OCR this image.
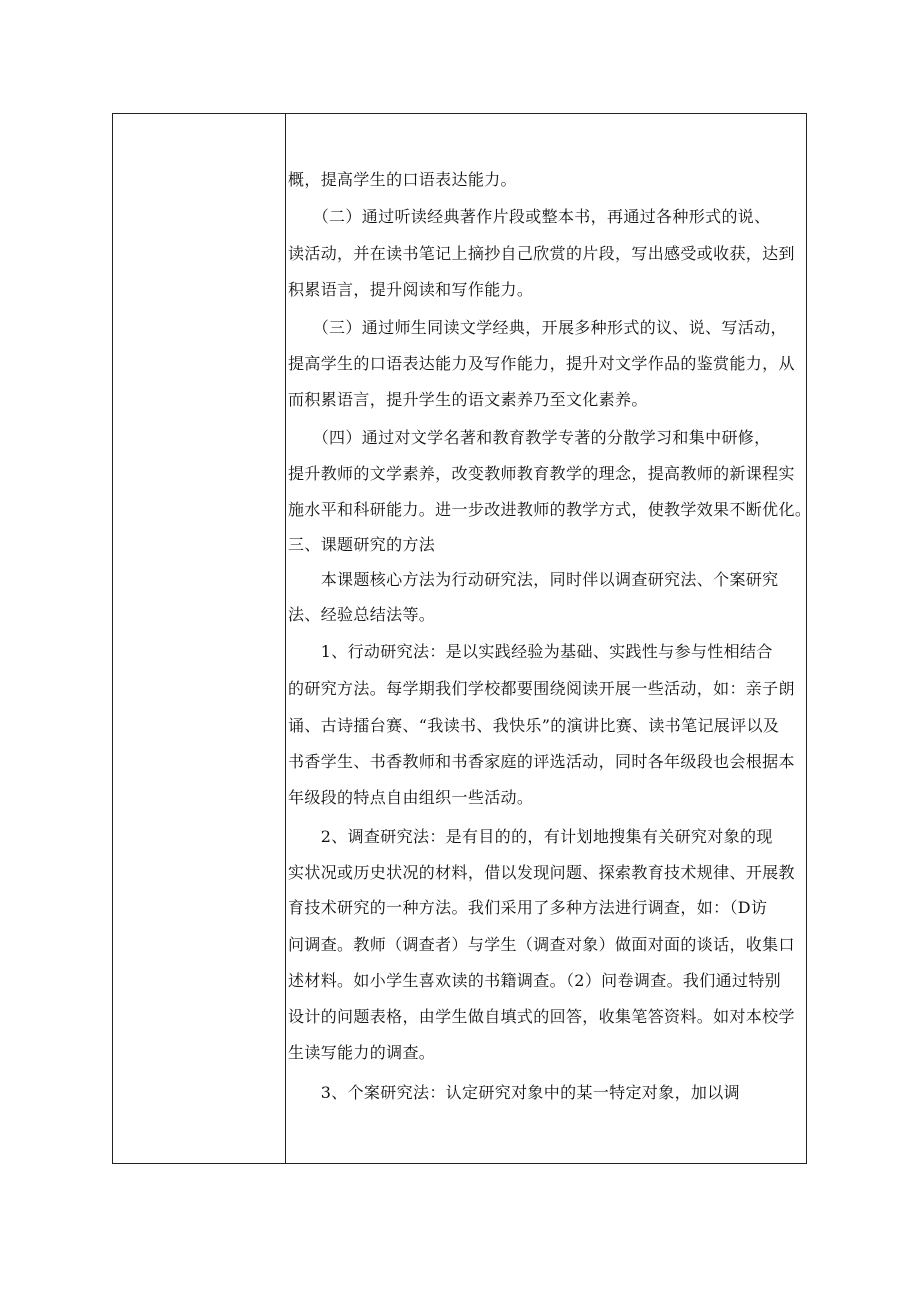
概，提高学生的口语表达能力。
　　（二）通过听读经典著作片段或整本书，再通过各种形式的说、
读活动，并在读书笔记上摘抄自己欣赏的片段，写出感受或收获，达到
积累语言，提升阅读和写作能力。
　　（三）通过师生同读文学经典，开展多种形式的议、说、写活动，
提高学生的口语表达能力及写作能力，提升对文学作品的鉴赏能力，从
而积累语言，提升学生的语文素养乃至文化素养。
　　（四）通过对文学名著和教育教学专著的分散学习和集中研修，
提升教师的文学素养，改变教师教育教学的理念，提高教师的新课程实
施水平和科研能力。进一步改进教师的教学方式，使教学效果不断优化。
三、课题研究的方法
　　本课题核心方法为行动研究法，同时伴以调查研究法、个案研究
法、经验总结法等。
　　1、行动研究法：是以实践经验为基础、实践性与参与性相结合
的研究方法。每学期我们学校都要围绕阅读开展一些活动，如：亲子朗
诵、古诗擂台赛、“我读书、我快乐”的演讲比赛、读书笔记展评以及
书香学生、书香教师和书香家庭的评选活动，同时各年级段也会根据本
年级段的特点自由组织一些活动。
　　2、调查研究法：是有目的的，有计划地搜集有关研究对象的现
实状况或历史状况的材料，借以发现问题、探索教育技术规律、开展教
育技术研究的一种方法。我们采用了多种方法进行调查，如：（D访
问调查。教师（调查者）与学生（调查对象）做面对面的谈话，收集口
述材料。如小学生喜欢读的书籍调查。（2）问卷调查。我们通过特别
设计的问题表格，由学生做自填式的回答，收集笔答资料。如对本校学
生读写能力的调查。
　　3、个案研究法：认定研究对象中的某一特定对象，加以调
